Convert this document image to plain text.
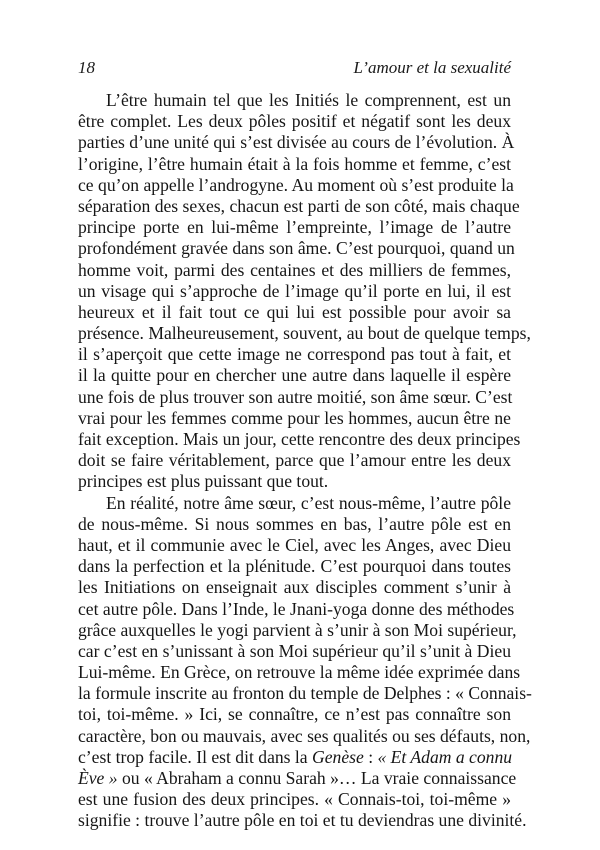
18	L’amour et la sexualité
L’être humain tel que les Initiés le comprennent, est un
être complet. Les deux pôles positif et négatif sont les deux
parties d’une unité qui s’est divisée au cours de l’évolution. À
l’origine, l’être humain était à la fois homme et femme, c’est
ce qu’on appelle l’androgyne. Au moment où s’est produite la
séparation des sexes, chacun est parti de son côté, mais chaque
principe porte en lui-même l’empreinte, l’image de l’autre
profondément gravée dans son âme. C’est pourquoi, quand un
homme voit, parmi des centaines et des milliers de femmes,
un visage qui s’approche de l’image qu’il porte en lui, il est
heureux et il fait tout ce qui lui est possible pour avoir sa
présence. Malheureusement, souvent, au bout de quelque temps,
il s’aperçoit que cette image ne correspond pas tout à fait, et
il la quitte pour en chercher une autre dans laquelle il espère
une fois de plus trouver son autre moitié, son âme sœur. C’est
vrai pour les femmes comme pour les hommes, aucun être ne
fait exception. Mais un jour, cette rencontre des deux principes
doit se faire véritablement, parce que l’amour entre les deux
principes est plus puissant que tout.
En réalité, notre âme sœur, c’est nous-même, l’autre pôle
de nous-même. Si nous sommes en bas, l’autre pôle est en
haut, et il communie avec le Ciel, avec les Anges, avec Dieu
dans la perfection et la plénitude. C’est pourquoi dans toutes
les Initiations on enseignait aux disciples comment s’unir à
cet autre pôle. Dans l’Inde, le Jnani-yoga donne des méthodes
grâce auxquelles le yogi parvient à s’unir à son Moi supérieur,
car c’est en s’unissant à son Moi supérieur qu’il s’unit à Dieu
Lui-même. En Grèce, on retrouve la même idée exprimée dans
la formule inscrite au fronton du temple de Delphes : « Connais-
toi, toi-même. » Ici, se connaître, ce n’est pas connaître son
caractère, bon ou mauvais, avec ses qualités ou ses défauts, non,
c’est trop facile. Il est dit dans la Genèse : « Et Adam a connu
Ève » ou « Abraham a connu Sarah »… La vraie connaissance
est une fusion des deux principes. « Connais-toi, toi-même »
signifie : trouve l’autre pôle en toi et tu deviendras une divinité.
